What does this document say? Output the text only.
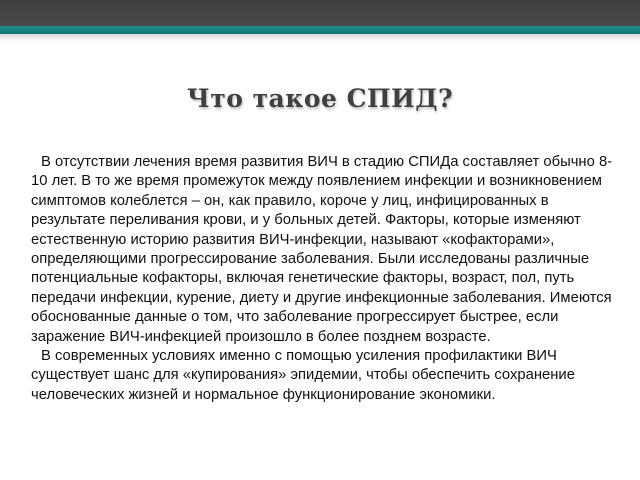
Что такое СПИД?

В отсутствии лечения время развития ВИЧ в стадию СПИДа составляет обычно 8-10 лет. В то же время промежуток между появлением инфекции и возникновением симптомов колеблется – он, как правило, короче у лиц, инфицированных в результате переливания крови, и у больных детей. Факторы, которые изменяют естественную историю развития ВИЧ-инфекции, называют «кофакторами», определяющими прогрессирование заболевания. Были исследованы различные потенциальные кофакторы, включая генетические факторы, возраст, пол, путь передачи инфекции, курение, диету и другие инфекционные заболевания. Имеются обоснованные данные о том, что заболевание прогрессирует быстрее, если заражение ВИЧ-инфекцией произошло в более позднем возрасте.

В современных условиях именно с помощью усиления профилактики ВИЧ существует шанс для «купирования» эпидемии, чтобы обеспечить сохранение человеческих жизней и нормальное функционирование экономики.
